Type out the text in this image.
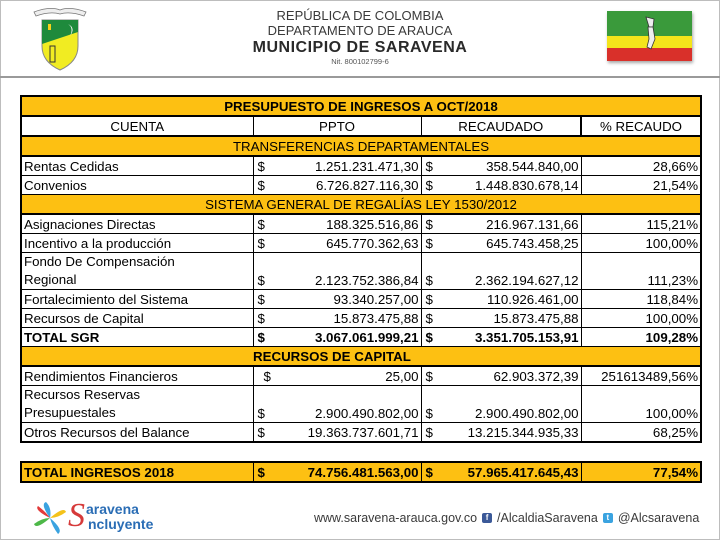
REPÚBLICA DE COLOMBIA
DEPARTAMENTO DE ARAUCA
MUNICIPIO DE SARAVENA
Nit. 800102799-6
PRESUPUESTO DE INGRESOS A OCT/2018			
CUENTA	PPTO	RECAUDADO	% RECAUDO
TRANSFERENCIAS DEPARTAMENTALES			
Rentas Cedidas	$ 1.251.231.471,30	$ 358.544.840,00	28,66%
Convenios	$ 6.726.827.116,30	$ 1.448.830.678,14	21,54%
SISTEMA GENERAL DE REGALÍAS LEY 1530/2012			
Asignaciones Directas	$ 188.325.516,86	$ 216.967.131,66	115,21%
Incentivo a la producción	$ 645.770.362,63	$ 645.743.458,25	100,00%

Fondo De Compensación
Regional	$	2.123.752.386,84	$	2.362.194.627,12	111,23%
Fortalecimiento del Sistema	$ 93.340.257,00	$ 110.926.461,00	118,84%
Recursos de Capital	$ 15.873.475,88	$ 15.873.475,88	100,00%
TOTAL SGR	$ 3.067.061.999,21	$ 3.351.705.153,91	109,28%
	RECURSOS DE CAPITAL		
Rendimientos Financieros	$ 25,00	$ 62.903.372,39	251613489,56%

Recursos Reservas
Presupuestales	$	2.900.490.802,00	$	2.900.490.802,00	100,00%
Otros Recursos del Balance	$ 19.363.737.601,71	$ 13.215.344.935,33	68,25%

TOTAL INGRESOS 2018	$ 74.756.481.563,00	$ 57.965.417.645,43	77,54%
S aravena
ncluyente	www.saravena-arauca.gov.co	f /AlcaldiaSaravena	t @Alcsaravena
